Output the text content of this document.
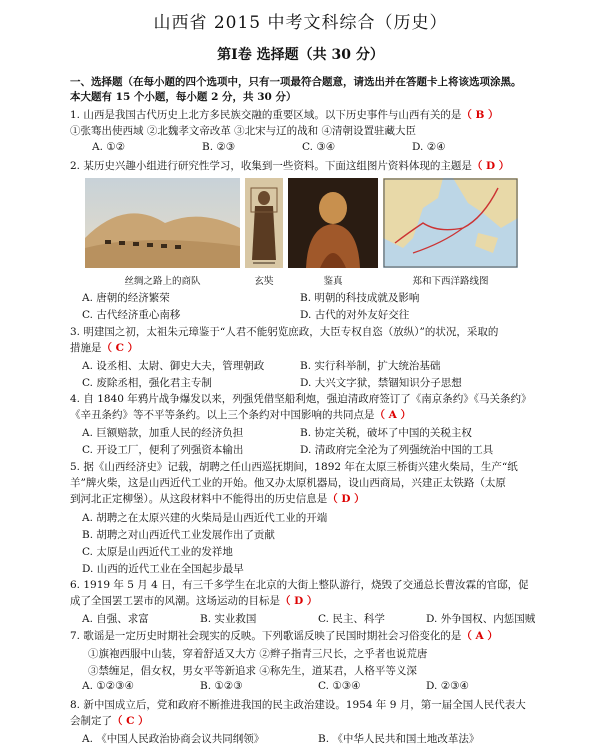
山西省 2015 中考文科综合（历史）
第Ⅰ卷 选择题（共 30 分）
一、选择题（在每小题的四个选项中，只有一项最符合题意，请选出并在答题卡上将该选项涂黑。
本大题有 15 个小题，每小题 2 分，共 30 分）
1. 山西是我国古代历史上北方多民族交融的重要区域。以下历史事件与山西有关的是（ B ）
①张骞出使西域 ②北魏孝文帝改革 ③北宋与辽的战和 ④清朝设置驻藏大臣
A. ①②	B. ②③	C. ③④	D. ②④
2. 某历史兴趣小组进行研究性学习，收集到一些资料。下面这组图片资料体现的主题是（ D ）
丝绸之路上的商队	玄奘	鉴真	郑和下西洋路线图
A. 唐朝的经济繁荣	B. 明朝的科技成就及影响
C. 古代经济重心南移	D. 古代的对外友好交往
3. 明建国之初，太祖朱元璋鉴于“人君不能躬览庶政，大臣专权自恣（放纵）”的状况，采取的
措施是（ C ）
A. 设丞相、太尉、御史大夫，管理朝政	B. 实行科举制，扩大统治基础
C. 废除丞相，强化君主专制	D. 大兴文字狱，禁锢知识分子思想
4. 自 1840 年鸦片战争爆发以来，列强凭借坚船利炮，强迫清政府签订了《南京条约》《马关条约》
《辛丑条约》等不平等条约。以上三个条约对中国影响的共同点是（ A ）
A. 巨额赔款，加重人民的经济负担	B. 协定关税，破坏了中国的关税主权
C. 开设工厂，便利了列强资本输出	D. 清政府完全沦为了列强统治中国的工具
5. 据《山西经济史》记载，胡聘之任山西巡抚期间，1892 年在太原三桥街兴建火柴局，生产“纸
羊”牌火柴，这是山西近代工业的开始。他又办太原机器局，设山西商局，兴建正太铁路（太原
到河北正定柳堡）。从这段材料中不能得出的历史信息是（ D ）
A. 胡聘之在太原兴建的火柴局是山西近代工业的开端
B. 胡聘之对山西近代工业发展作出了贡献
C. 太原是山西近代工业的发祥地
D. 山西的近代工业在全国起步最早
6. 1919 年 5 月 4 日，有三千多学生在北京的大街上整队游行，烧毁了交通总长曹汝霖的官邸，促
成了全国罢工罢市的风潮。这场运动的目标是（ D ）
A. 自强、求富	B. 实业救国	C. 民主、科学	D. 外争国权、内惩国贼
7. 歌谣是一定历史时期社会现实的反映。下列歌谣反映了民国时期社会习俗变化的是（ A ）
①旗袍西服中山装，穿着舒适又大方 ②辫子指青三尺长，之乎者也说荒唐
③禁缠足，倡女权，男女平等新追求 ④称先生，道某君，人格平等义深
A. ①②③④	B. ①②③	C. ①③④	D. ②③④
8. 新中国成立后，党和政府不断推进我国的民主政治建设。1954 年 9 月，第一届全国人民代表大
会制定了（ C ）
A. 《中国人民政治协商会议共同纲领》	B. 《中华人民共和国土地改革法》
